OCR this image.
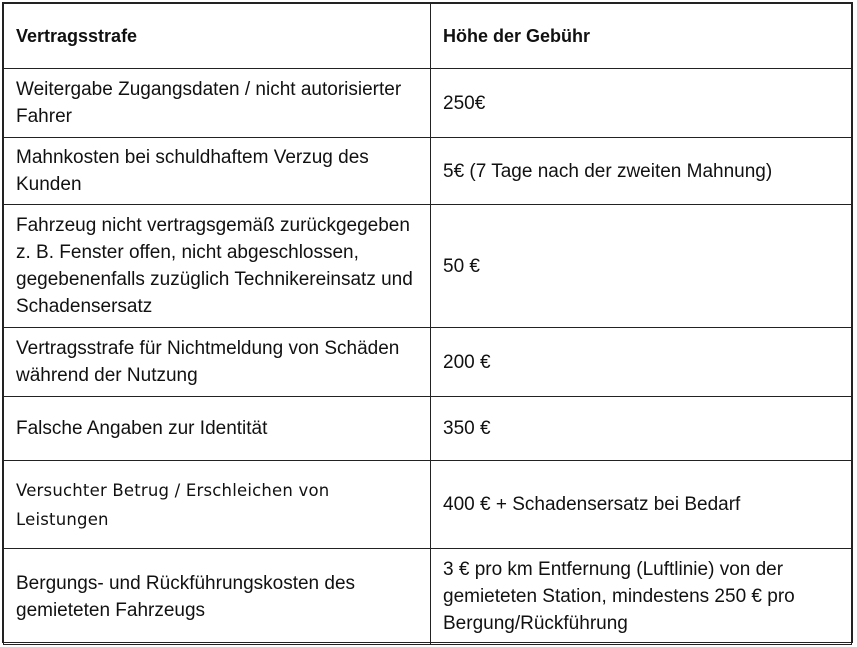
Vertragsstrafe	Höhe der Gebühr
Weitergabe Zugangsdaten / nicht autorisierter Fahrer	250€
Mahnkosten bei schuldhaftem Verzug des Kunden	5€ (7 Tage nach der zweiten Mahnung)
Fahrzeug nicht vertragsgemäß zurückgegeben z. B. Fenster offen, nicht abgeschlossen, gegebenenfalls zuzüglich Technikereinsatz und Schadensersatz	50 €
Vertragsstrafe für Nichtmeldung von Schäden während der Nutzung	200 €
Falsche Angaben zur Identität	350 €
Versuchter Betrug / Erschleichen von Leistungen	400 € + Schadensersatz bei Bedarf
Bergungs- und Rückführungskosten des gemieteten Fahrzeugs	3 € pro km Entfernung (Luftlinie) von der gemieteten Station, mindestens 250 € pro Bergung/Rückführung
